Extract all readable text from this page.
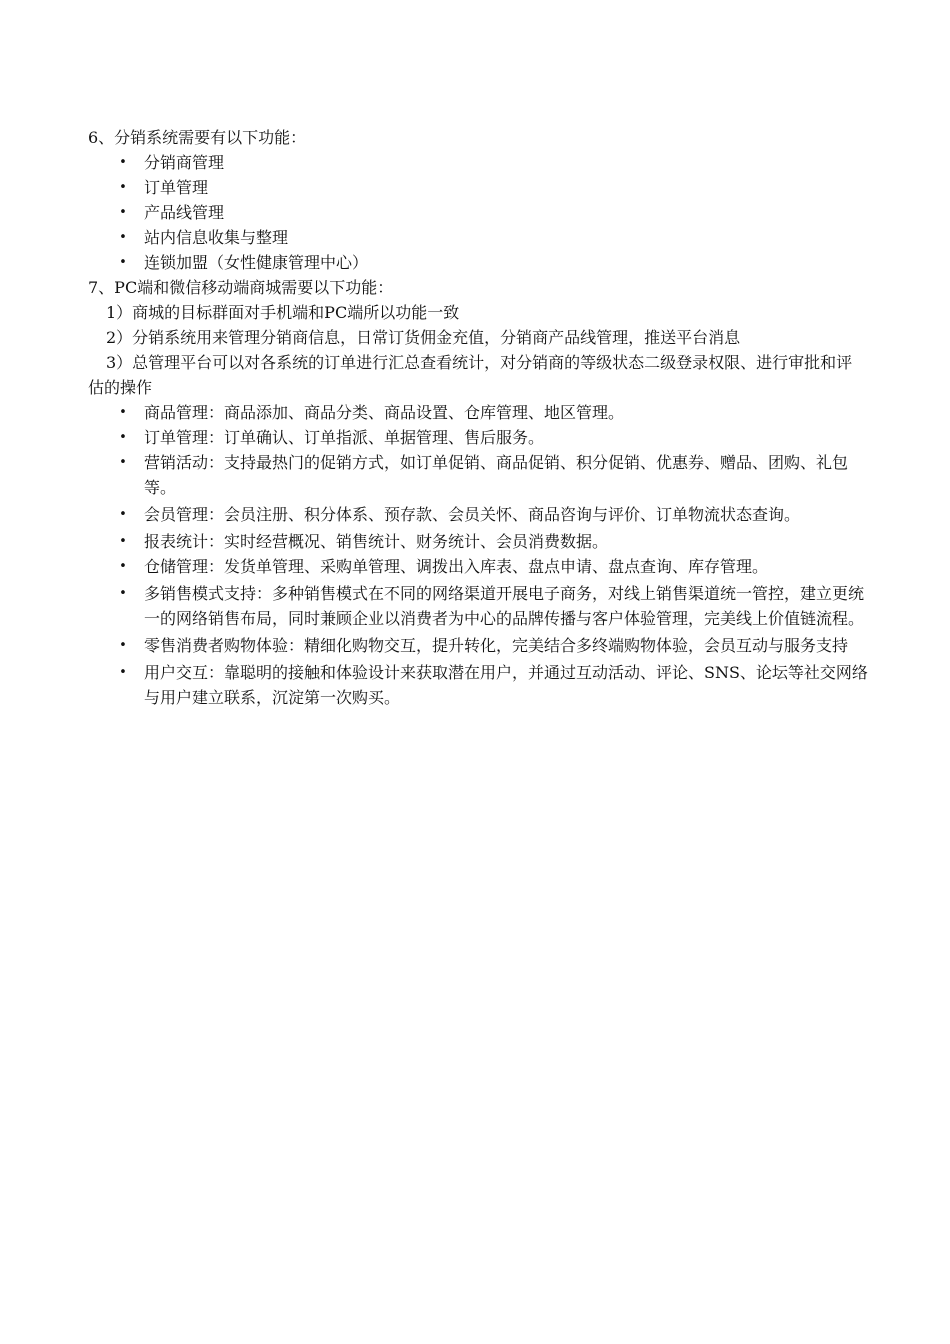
6、分销系统需要有以下功能：

• 分销商管理
• 订单管理
• 产品线管理
• 站内信息收集与整理
• 连锁加盟（女性健康管理中心）

7、PC端和微信移动端商城需要以下功能：

1）商城的目标群面对手机端和PC端所以功能一致

2）分销系统用来管理分销商信息，日常订货佣金充值，分销商产品线管理，推送平台消息

3）总管理平台可以对各系统的订单进行汇总查看统计，对分销商的等级状态二级登录权限、进行审批和评估的操作

• 商品管理：商品添加、商品分类、商品设置、仓库管理、地区管理。
• 订单管理：订单确认、订单指派、单据管理、售后服务。
• 营销活动：支持最热门的促销方式，如订单促销、商品促销、积分促销、优惠券、赠品、团购、礼包等。
• 会员管理：会员注册、积分体系、预存款、会员关怀、商品咨询与评价、订单物流状态查询。
• 报表统计：实时经营概况、销售统计、财务统计、会员消费数据。
• 仓储管理：发货单管理、采购单管理、调拨出入库表、盘点申请、盘点查询、库存管理。
• 多销售模式支持：多种销售模式在不同的网络渠道开展电子商务，对线上销售渠道统一管控，建立更统一的网络销售布局，同时兼顾企业以消费者为中心的品牌传播与客户体验管理，完美线上价值链流程。
• 零售消费者购物体验：精细化购物交互，提升转化，完美结合多终端购物体验，会员互动与服务支持
• 用户交互：靠聪明的接触和体验设计来获取潜在用户，并通过互动活动、评论、SNS、论坛等社交网络与用户建立联系，沉淀第一次购买。
